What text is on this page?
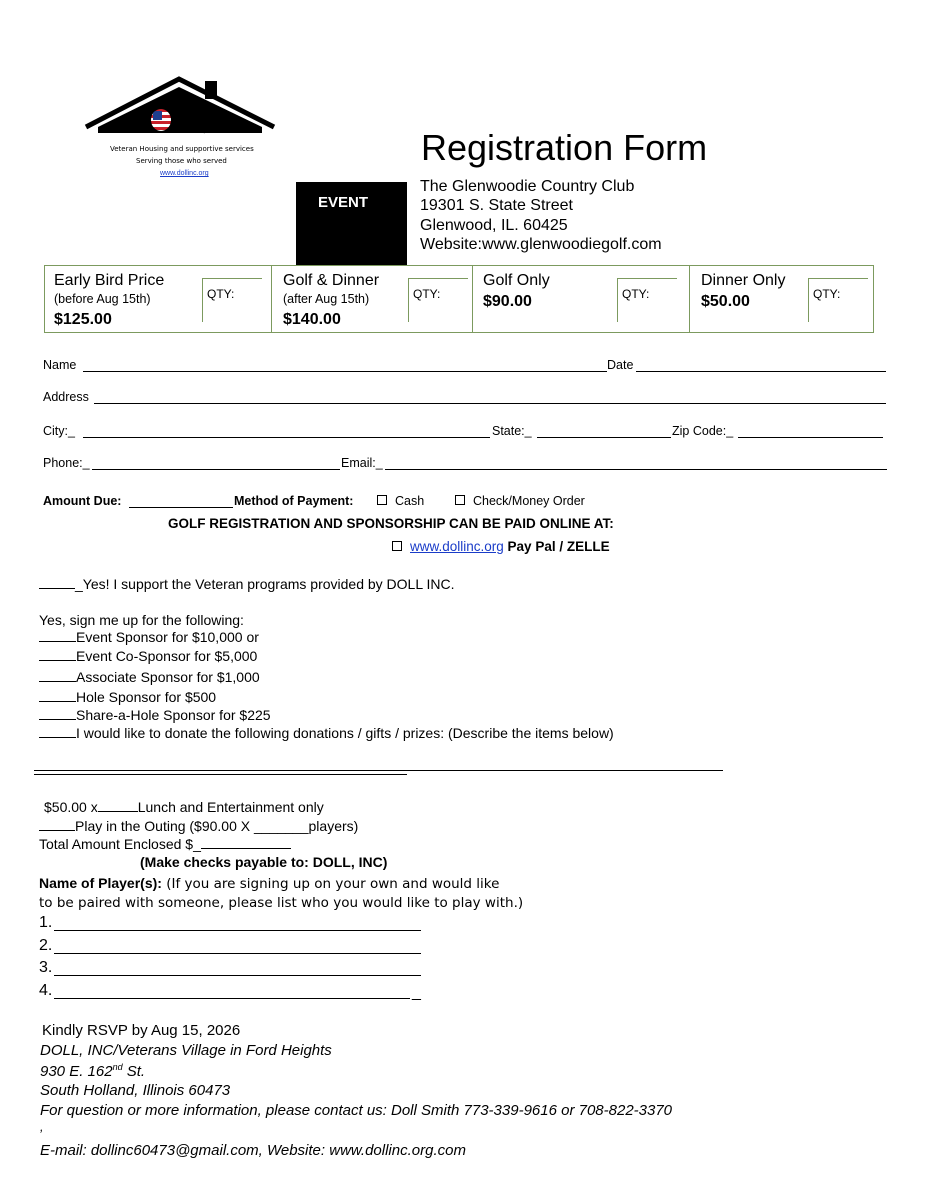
D LL, INC.
Veteran Housing and supportive services
Serving those who served
www.dollinc.org
Registration Form
EVENT
The Glenwoodie Country Club
19301 S. State Street
Glenwood, IL. 60425
Website:www.glenwoodiegolf.com
Early Bird Price
(before Aug 15th)
$125.00
QTY:
Golf & Dinner
(after Aug 15th)
$140.00
QTY:
Golf Only
$90.00	QTY:
Dinner Only
$50.00	QTY:
Name	Date
Address
City:_	State:_	Zip Code:_
Phone:_	Email:_
Amount Due:	Method of Payment:	Cash	Check/Money Order
GOLF REGISTRATION AND SPONSORSHIP CAN BE PAID ONLINE AT:
www.dollinc.org Pay Pal / ZELLE
_Yes! I support the Veteran programs provided by DOLL INC.
Yes, sign me up for the following:
Event Sponsor for $10,000 or
Event Co-Sponsor for $5,000
Associate Sponsor for $1,000
Hole Sponsor for $500
Share-a-Hole Sponsor for $225
I would like to donate the following donations / gifts / prizes: (Describe the items below)
$50.00 x	Lunch and Entertainment only
Play in the Outing ($90.00 X _______players)
Total Amount Enclosed $_
(Make checks payable to: DOLL, INC)
Name of Player(s): (If you are signing up on your own and would like
to be paired with someone, please list who you would like to play with.)
1.
2.
3.
4.	_
Kindly RSVP by Aug 15, 2026
DOLL, INC/Veterans Village in Ford Heights
930 E. 162nd St.
South Holland, Illinois 60473
For question or more information, please contact us: Doll Smith 773-339-9616 or 708-822-3370
,
E-mail: dollinc60473@gmail.com, Website: www.dollinc.org.com
